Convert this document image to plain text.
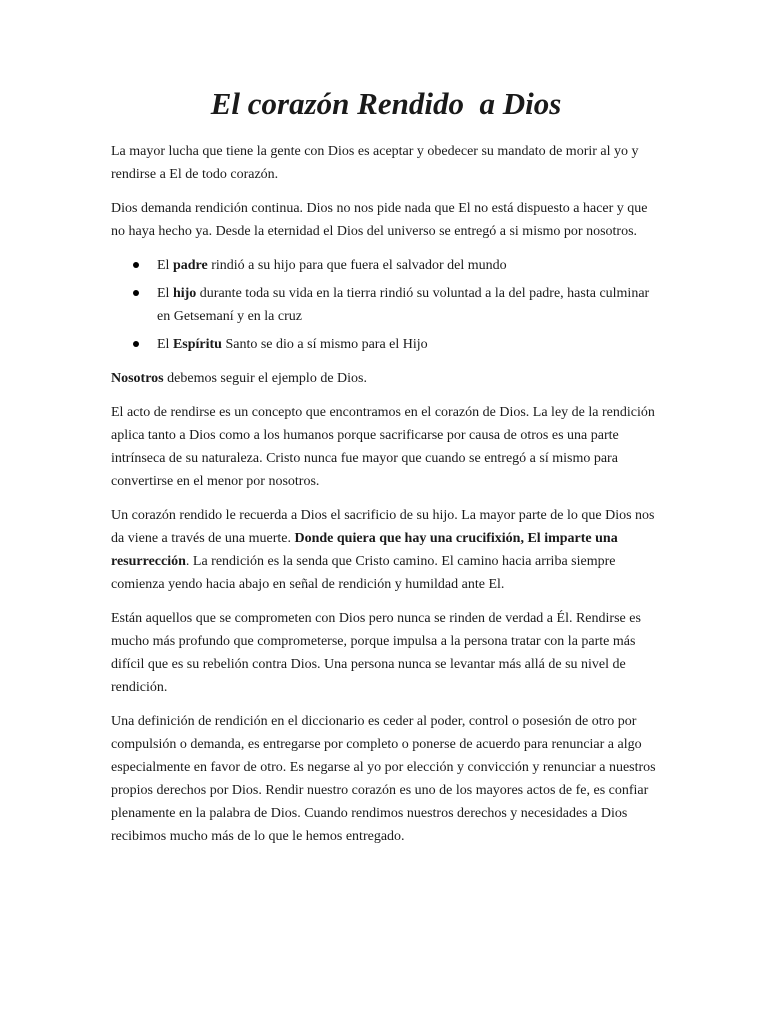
El corazón Rendido  a Dios

La mayor lucha que tiene la gente con Dios es aceptar y obedecer su mandato de morir al yo y rendirse a El de todo corazón.

Dios demanda rendición continua. Dios no nos pide nada que El no está dispuesto a hacer y que no haya hecho ya. Desde la eternidad el Dios del universo se entregó a si mismo por nosotros.

El padre rindió a su hijo para que fuera el salvador del mundo
El hijo durante toda su vida en la tierra rindió su voluntad a la del padre, hasta culminar en Getsemaní y en la cruz
El Espíritu Santo se dio a sí mismo para el Hijo

Nosotros debemos seguir el ejemplo de Dios.

El acto de rendirse es un concepto que encontramos en el corazón de Dios. La ley de la rendición aplica tanto a Dios como a los humanos porque sacrificarse por causa de otros es una parte intrínseca de su naturaleza. Cristo nunca fue mayor que cuando se entregó a sí mismo para convertirse en el menor por nosotros.

Un corazón rendido le recuerda a Dios el sacrificio de su hijo. La mayor parte de lo que Dios nos da viene a través de una muerte. Donde quiera que hay una crucifixión, El imparte una resurrección. La rendición es la senda que Cristo camino. El camino hacia arriba siempre comienza yendo hacia abajo en señal de rendición y humildad ante El.

Están aquellos que se comprometen con Dios pero nunca se rinden de verdad a Él. Rendirse es mucho más profundo que comprometerse, porque impulsa a la persona tratar con la parte más difícil que es su rebelión contra Dios. Una persona nunca se levantar más allá de su nivel de rendición.

Una definición de rendición en el diccionario es ceder al poder, control o posesión de otro por compulsión o demanda, es entregarse por completo o ponerse de acuerdo para renunciar a algo especialmente en favor de otro. Es negarse al yo por elección y convicción y renunciar a nuestros propios derechos por Dios. Rendir nuestro corazón es uno de los mayores actos de fe, es confiar plenamente en la palabra de Dios. Cuando rendimos nuestros derechos y necesidades a Dios recibimos mucho más de lo que le hemos entregado.
